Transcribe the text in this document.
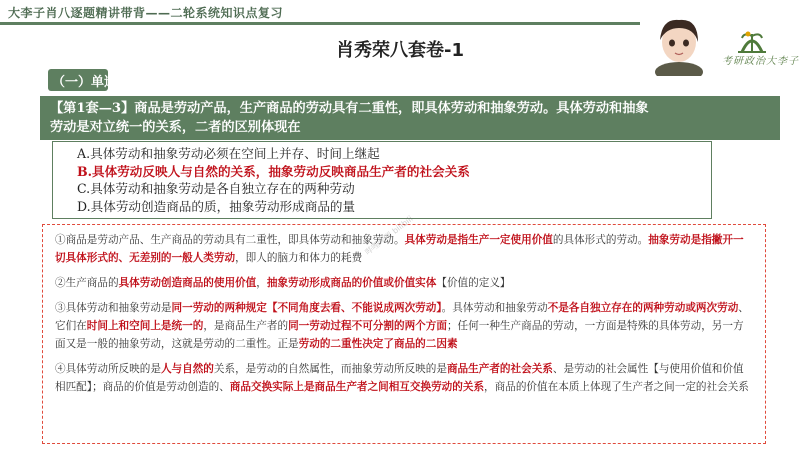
大李子肖八逐题精讲带背——二轮系统知识点复习
肖秀荣八套卷-1
考研政治大李子
（一）单选
【第1套—3】商品是劳动产品，生产商品的劳动具有二重性，即具体劳动和抽象劳动。具体劳动和抽象
劳动是对立统一的关系，二者的区别体现在
A.具体劳动和抽象劳动必须在空间上并存、时间上继起
B.具体劳动反映人与自然的关系，抽象劳动反映商品生产者的社会关系
C.具体劳动和抽象劳动是各自独立存在的两种劳动
D.具体劳动创造商品的质，抽象劳动形成商品的量

①商品是劳动产品、生产商品的劳动具有二重性，即具体劳动和抽象劳动。具体劳动是指生产一定使用价值的具体形式的劳动。抽象劳动是指撇开一切具体形式的、无差别的一般人类劳动，即人的脑力和体力的耗费

②生产商品的具体劳动创造商品的使用价值，抽象劳动形成商品的价值或价值实体【价值的定义】

③具体劳动和抽象劳动是同一劳动的两种规定【不同角度去看、不能说成两次劳动】。具体劳动和抽象劳动不是各自独立存在的两种劳动或两次劳动、它们在时间上和空间上是统一的，是商品生产者的同一劳动过程不可分割的两个方面；任何一种生产商品的劳动，一方面是特殊的具体劳动，另一方面又是一般的抽象劳动，这就是劳动的二重性。正是劳动的二重性决定了商品的二因素

④具体劳动所反映的是人与自然的关系，是劳动的自然属性，而抽象劳动所反映的是商品生产者的社会关系、是劳动的社会属性【与使用价值和价值相匹配】；商品的价值是劳动创造的、商品交换实际上是商品生产者之间相互交换劳动的关系，商品的价值在本质上体现了生产者之间一定的社会关系

哔哩哔哩 bilibili
